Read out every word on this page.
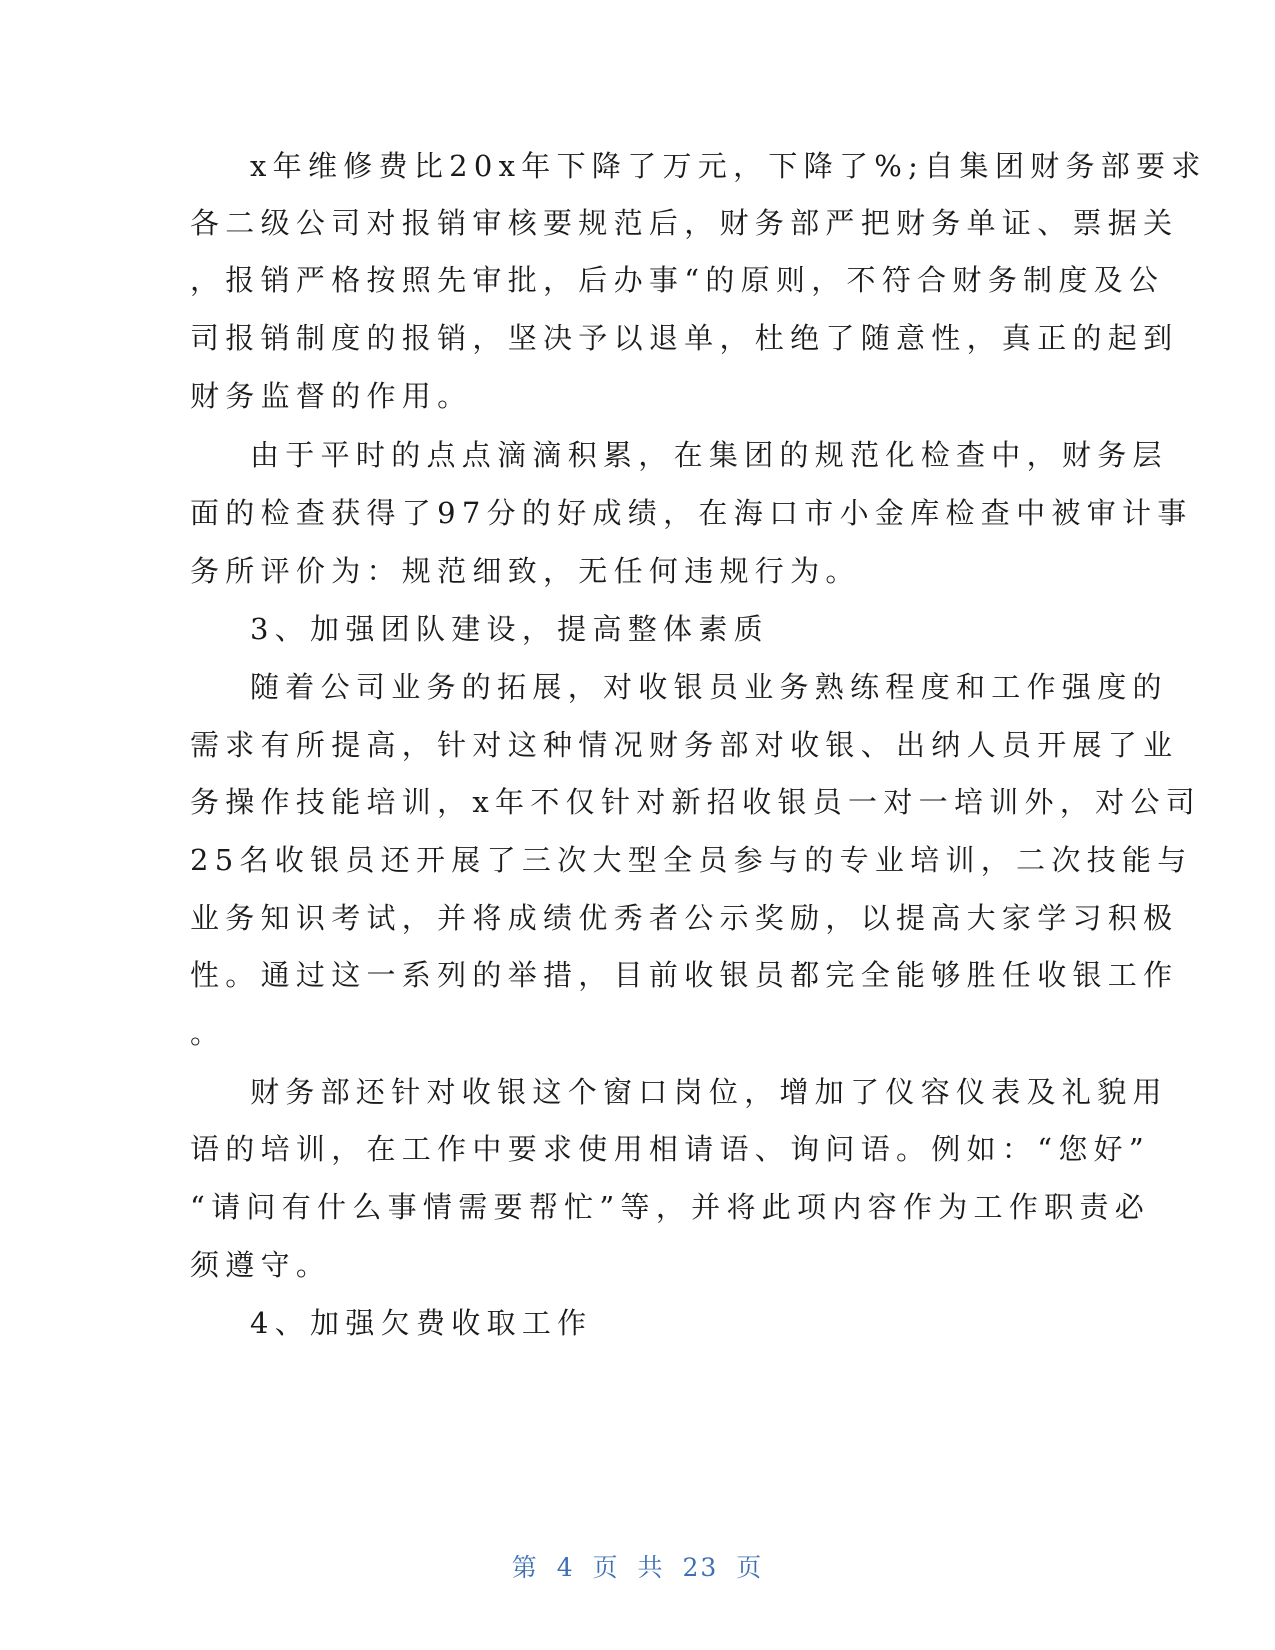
x年维修费比20x年下降了万元，下降了%;自集团财务部要求
各二级公司对报销审核要规范后，财务部严把财务单证、票据关
，报销严格按照先审批，后办事“的原则，不符合财务制度及公
司报销制度的报销，坚决予以退单，杜绝了随意性，真正的起到
财务监督的作用。
由于平时的点点滴滴积累，在集团的规范化检查中，财务层
面的检查获得了97分的好成绩，在海口市小金库检查中被审计事
务所评价为：规范细致，无任何违规行为。
3、加强团队建设，提高整体素质
随着公司业务的拓展，对收银员业务熟练程度和工作强度的
需求有所提高，针对这种情况财务部对收银、出纳人员开展了业
务操作技能培训，x年不仅针对新招收银员一对一培训外，对公司
25名收银员还开展了三次大型全员参与的专业培训，二次技能与
业务知识考试，并将成绩优秀者公示奖励，以提高大家学习积极
性。通过这一系列的举措，目前收银员都完全能够胜任收银工作
。
财务部还针对收银这个窗口岗位，增加了仪容仪表及礼貌用
语的培训，在工作中要求使用相请语、询问语。例如：“您好”
“请问有什么事情需要帮忙”等，并将此项内容作为工作职责必
须遵守。
4、加强欠费收取工作
第 4 页 共 23 页
